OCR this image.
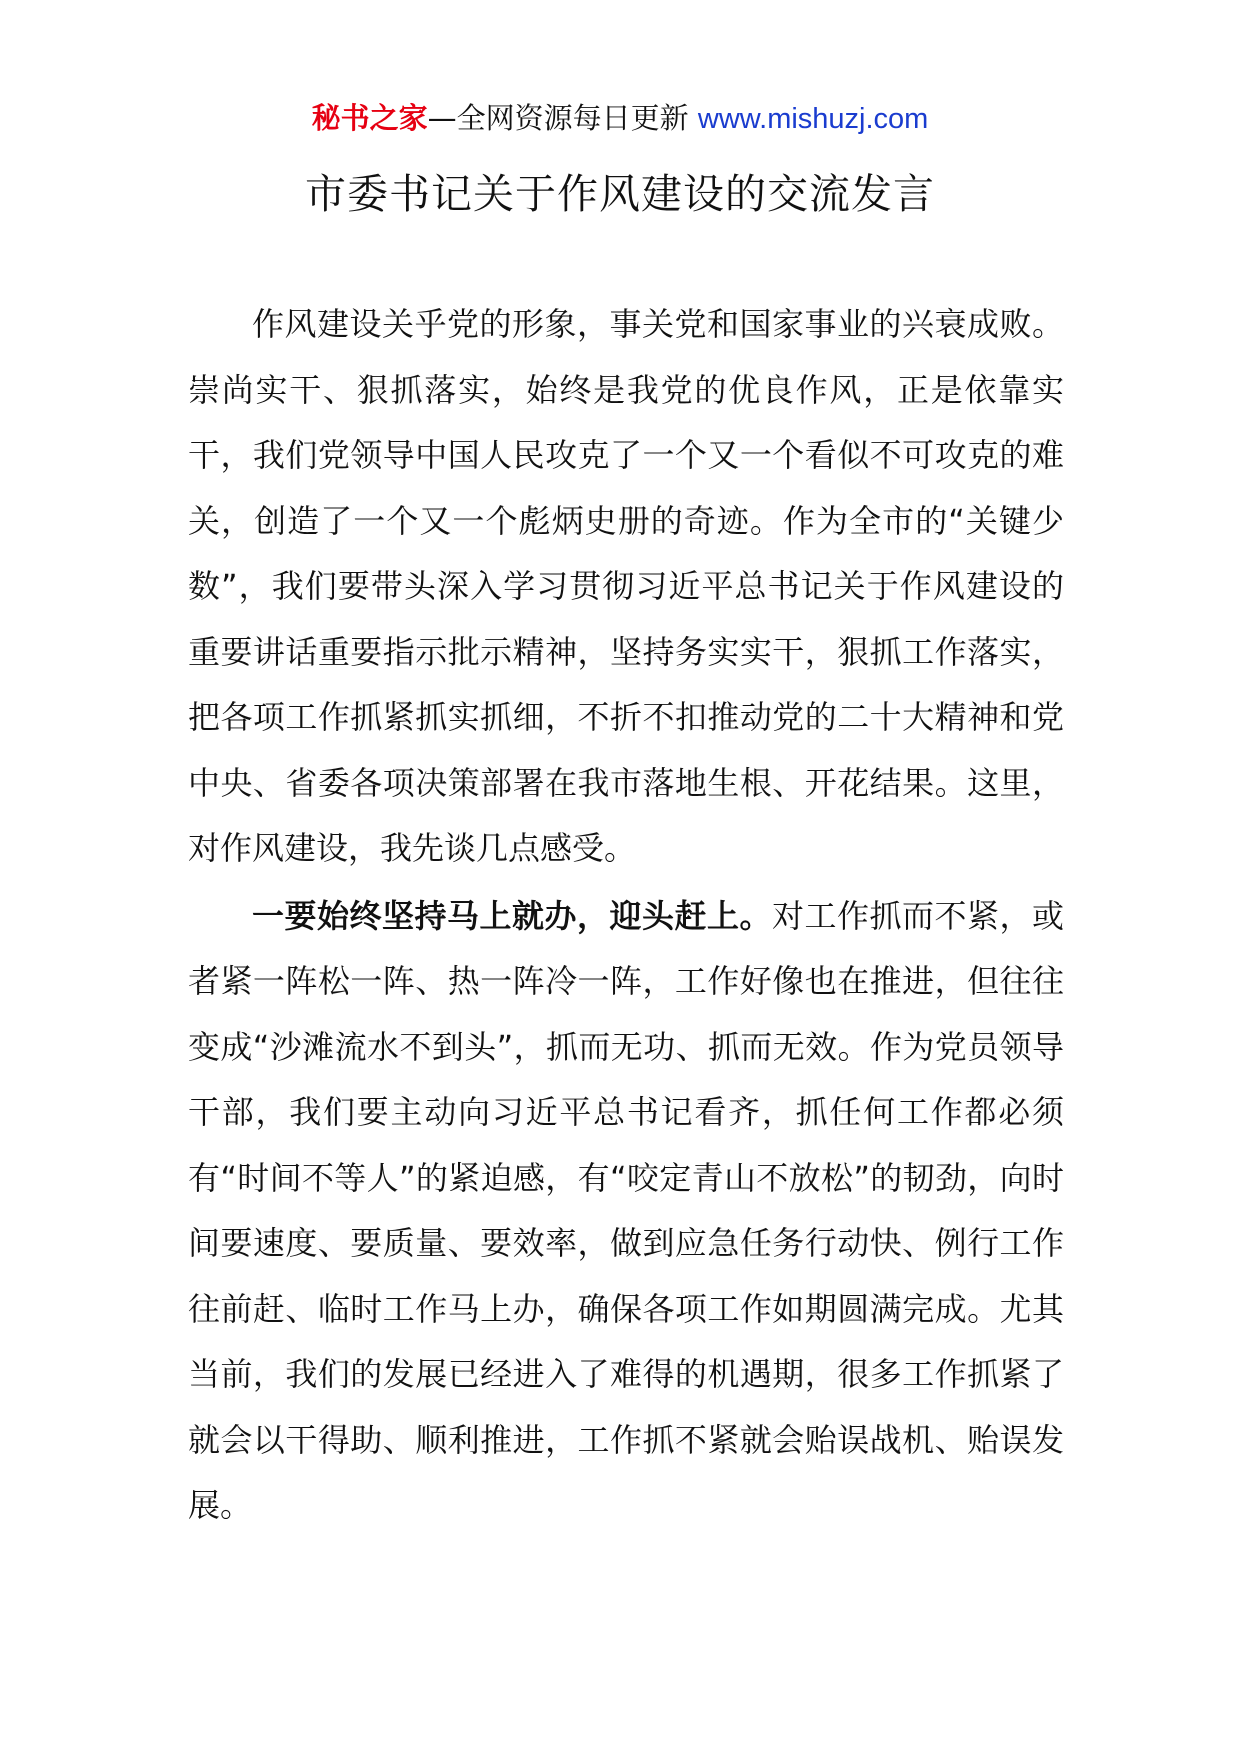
秘书之家—全网资源每日更新 www.mishuzj.com
市委书记关于作风建设的交流发言

作风建设关乎党的形象，事关党和国家事业的兴衰成败。崇尚实干、狠抓落实，始终是我党的优良作风，正是依靠实干，我们党领导中国人民攻克了一个又一个看似不可攻克的难关，创造了一个又一个彪炳史册的奇迹。作为全市的“关键少数”，我们要带头深入学习贯彻习近平总书记关于作风建设的重要讲话重要指示批示精神，坚持务实实干，狠抓工作落实，把各项工作抓紧抓实抓细，不折不扣推动党的二十大精神和党中央、省委各项决策部署在我市落地生根、开花结果。这里，对作风建设，我先谈几点感受。

一要始终坚持马上就办，迎头赶上。对工作抓而不紧，或者紧一阵松一阵、热一阵冷一阵，工作好像也在推进，但往往变成“沙滩流水不到头”，抓而无功、抓而无效。作为党员领导干部，我们要主动向习近平总书记看齐，抓任何工作都必须有“时间不等人”的紧迫感，有“咬定青山不放松”的韧劲，向时间要速度、要质量、要效率，做到应急任务行动快、例行工作往前赶、临时工作马上办，确保各项工作如期圆满完成。尤其当前，我们的发展已经进入了难得的机遇期，很多工作抓紧了就会以干得助、顺利推进，工作抓不紧就会贻误战机、贻误发展。
